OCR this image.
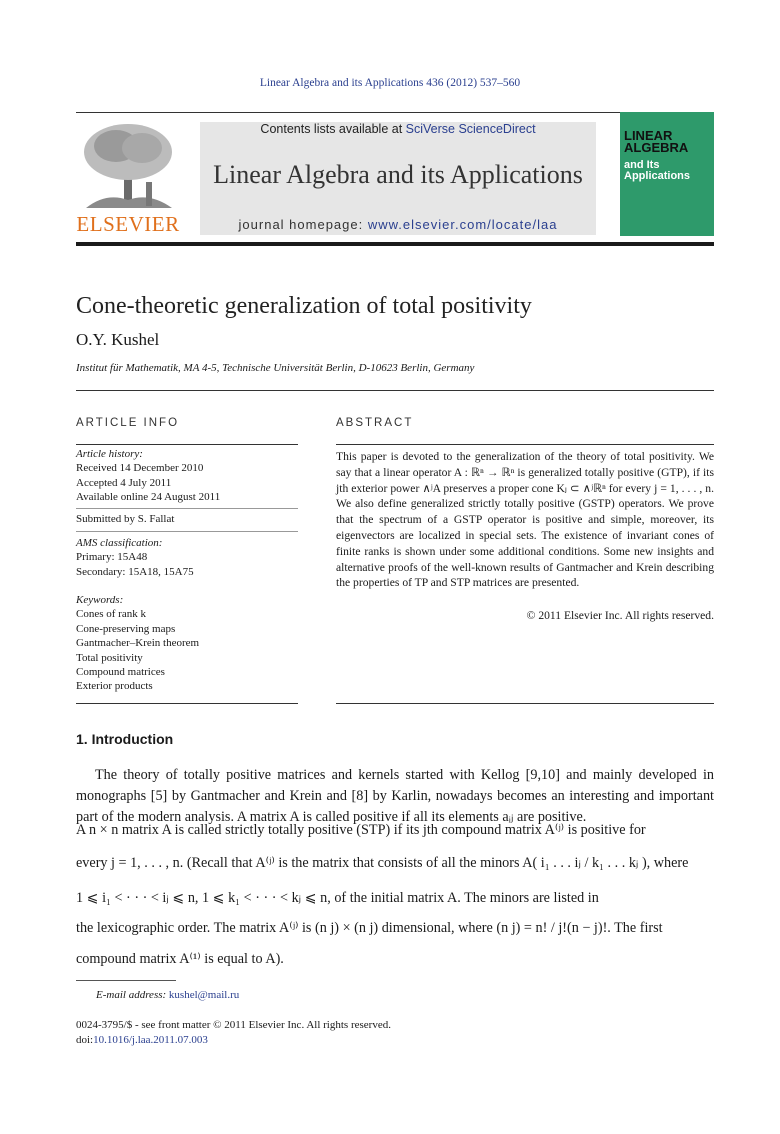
Linear Algebra and its Applications 436 (2012) 537–560
ELSEVIER
Contents lists available at SciVerse ScienceDirect
Linear Algebra and its Applications
journal homepage: www.elsevier.com/locate/laa
LINEAR ALGEBRA
and Its Applications
Cone-theoretic generalization of total positivity
O.Y. Kushel
Institut für Mathematik, MA 4-5, Technische Universität Berlin, D-10623 Berlin, Germany
ARTICLE INFO
Article history:
Received 14 December 2010
Accepted 4 July 2011
Available online 24 August 2011
Submitted by S. Fallat
AMS classification:
Primary: 15A48
Secondary: 15A18, 15A75
Keywords:
Cones of rank k
Cone-preserving maps
Gantmacher–Krein theorem
Total positivity
Compound matrices
Exterior products
ABSTRACT
This paper is devoted to the generalization of the theory of total positivity. We say that a linear operator A : ℝⁿ → ℝⁿ is generalized totally positive (GTP), if its jth exterior power ∧ʲA preserves a proper cone Kⱼ ⊂ ∧ʲℝⁿ for every j = 1, . . . , n. We also define generalized strictly totally positive (GSTP) operators. We prove that the spectrum of a GSTP operator is positive and simple, moreover, its eigenvectors are localized in special sets. The existence of invariant cones of finite ranks is shown under some additional conditions. Some new insights and alternative proofs of the well-known results of Gantmacher and Krein describing the properties of TP and STP matrices are presented.
© 2011 Elsevier Inc. All rights reserved.
1. Introduction
The theory of totally positive matrices and kernels started with Kellog [9,10] and mainly developed in monographs [5] by Gantmacher and Krein and [8] by Karlin, nowadays becomes an interesting and important part of the modern analysis. A matrix A is called positive if all its elements aᵢⱼ are positive.
A n × n matrix A is called strictly totally positive (STP) if its jth compound matrix A⁽ʲ⁾ is positive for
every j = 1, . . . , n. (Recall that A⁽ʲ⁾ is the matrix that consists of all the minors A( i₁ . . . iⱼ / k₁ . . . kⱼ ), where
1 ⩽ i₁ < · · · < iⱼ ⩽ n, 1 ⩽ k₁ < · · · < kⱼ ⩽ n, of the initial matrix A. The minors are listed in
the lexicographic order. The matrix A⁽ʲ⁾ is (n j) × (n j) dimensional, where (n j) = n! / j!(n − j)!. The first
compound matrix A⁽¹⁾ is equal to A).
E-mail address: kushel@mail.ru
0024-3795/$ - see front matter © 2011 Elsevier Inc. All rights reserved.
doi:10.1016/j.laa.2011.07.003
